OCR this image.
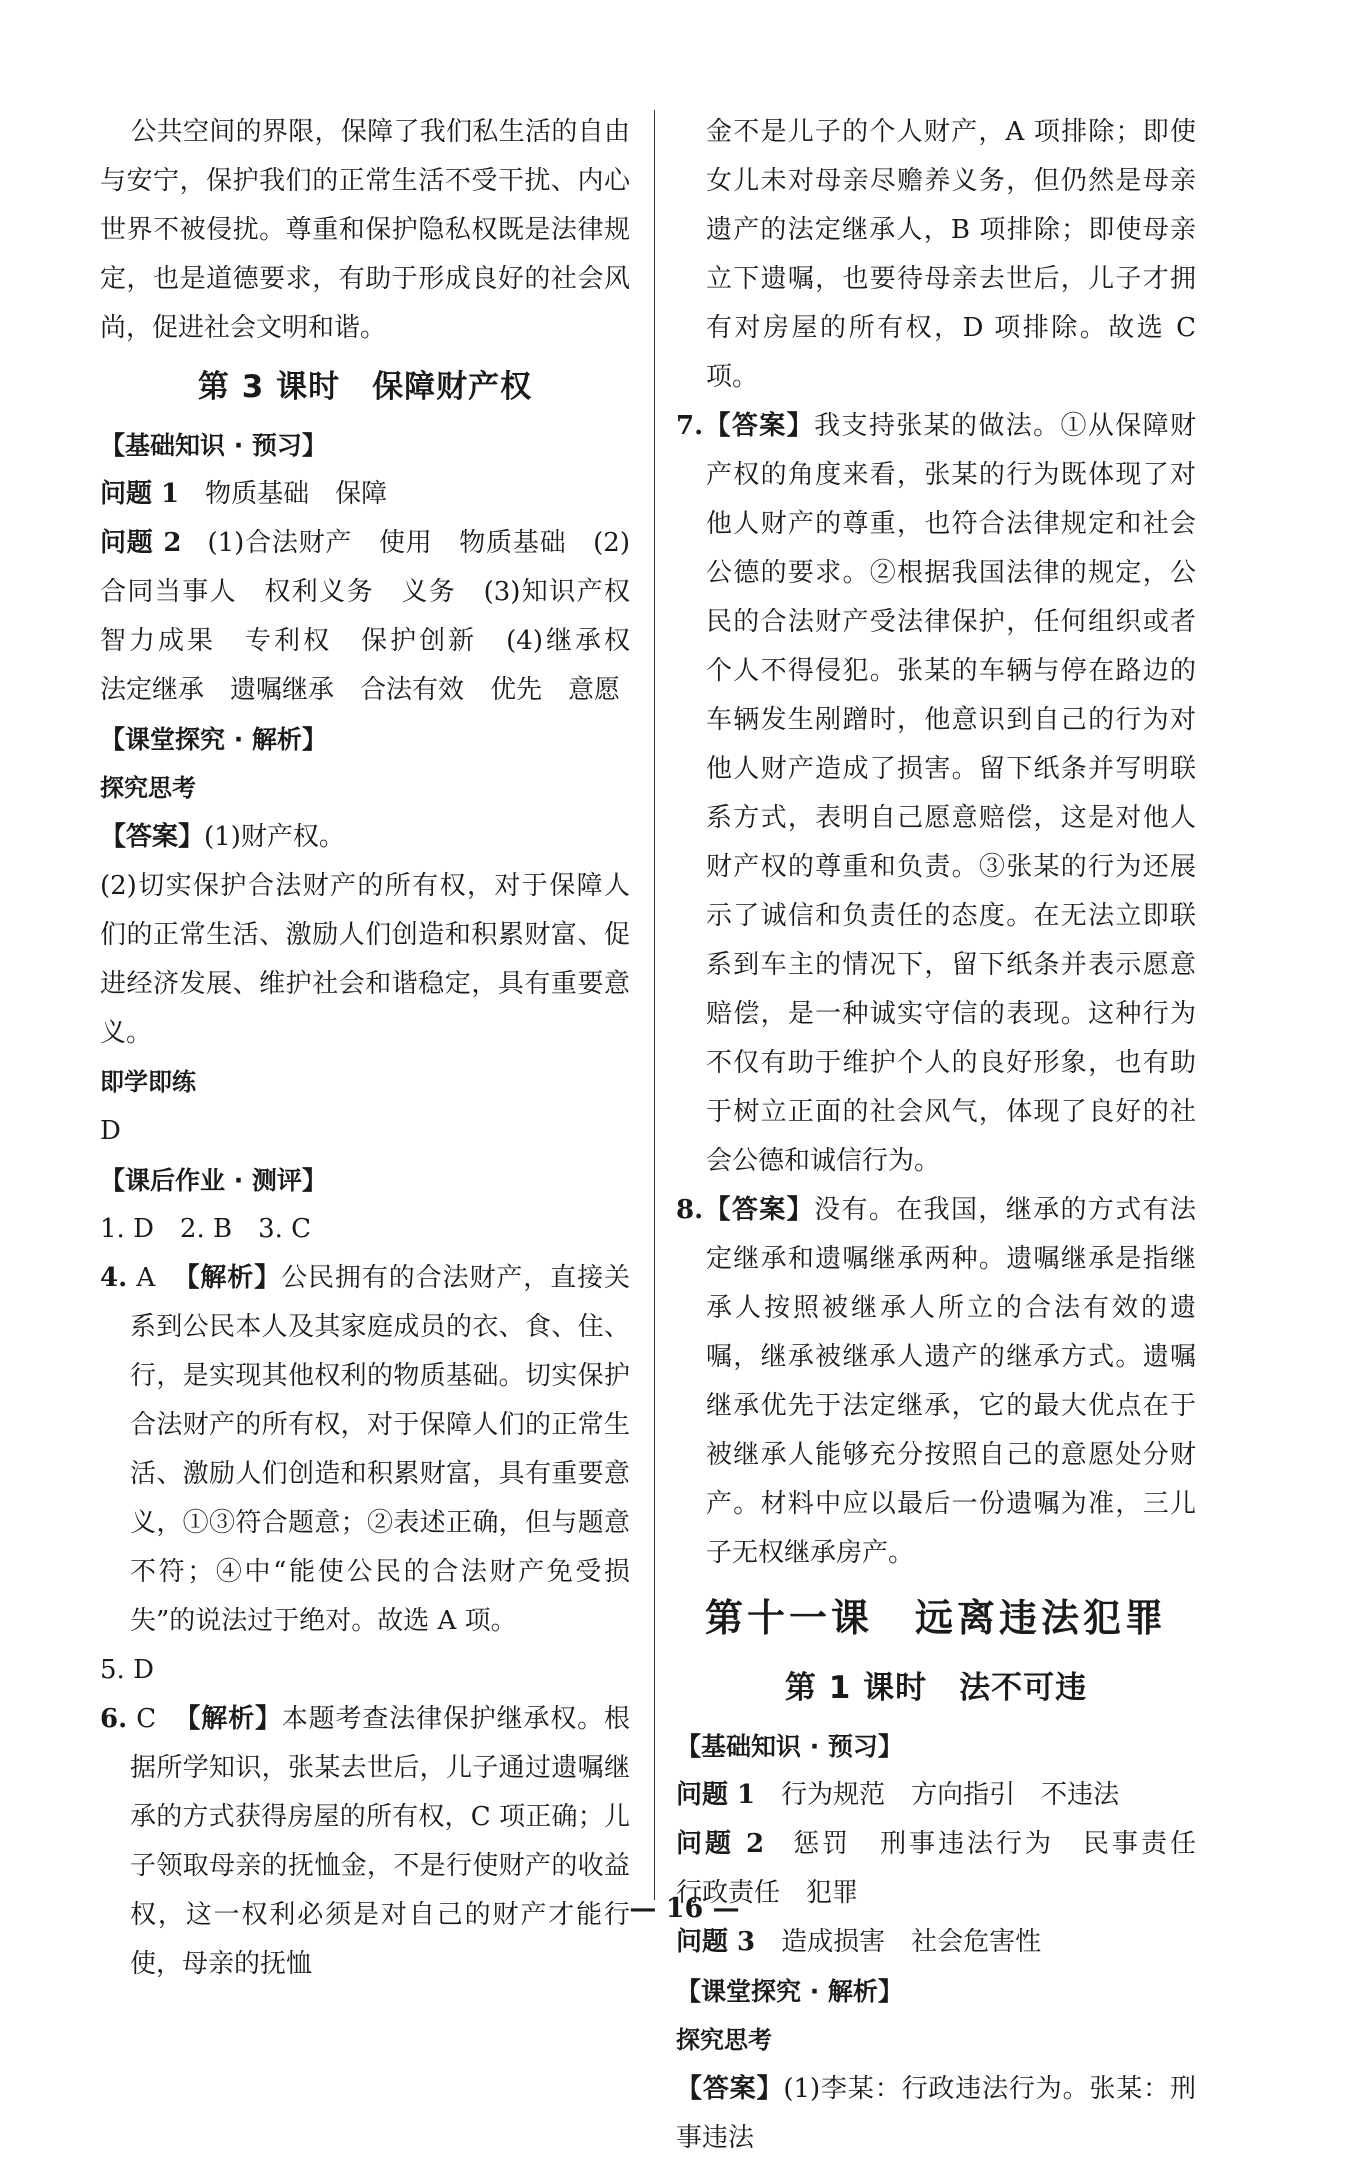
公共空间的界限，保障了我们私生活的自由与安宁，保护我们的正常生活不受干扰、内心世界不被侵扰。尊重和保护隐私权既是法律规定，也是道德要求，有助于形成良好的社会风尚，促进社会文明和谐。

第 3 课时　保障财产权

【基础知识 · 预习】

问题 1 物质基础　保障

问题 2 (1)合法财产　使用　物质基础　(2)合同当事人　权利义务　义务　(3)知识产权　智力成果　专利权　保护创新　(4)继承权　法定继承　遗嘱继承　合法有效　优先　意愿

【课堂探究 · 解析】

探究思考

【答案】(1)财产权。

(2)切实保护合法财产的所有权，对于保障人们的正常生活、激励人们创造和积累财富、促进经济发展、维护社会和谐稳定，具有重要意义。

即学即练

D

【课后作业 · 测评】

1. D　2. B　3. C

4. A 【解析】公民拥有的合法财产，直接关系到公民本人及其家庭成员的衣、食、住、行，是实现其他权利的物质基础。切实保护合法财产的所有权，对于保障人们的正常生活、激励人们创造和积累财富，具有重要意义，①③符合题意；②表述正确，但与题意不符；④中“能使公民的合法财产免受损失”的说法过于绝对。故选 A 项。

5. D

6. C 【解析】本题考查法律保护继承权。根据所学知识，张某去世后，儿子通过遗嘱继承的方式获得房屋的所有权，C 项正确；儿子领取母亲的抚恤金，不是行使财产的收益权，这一权利必须是对自己的财产才能行使，母亲的抚恤

金不是儿子的个人财产，A 项排除；即使女儿未对母亲尽赡养义务，但仍然是母亲遗产的法定继承人，B 项排除；即使母亲立下遗嘱，也要待母亲去世后，儿子才拥有对房屋的所有权，D 项排除。故选 C 项。

7.【答案】我支持张某的做法。①从保障财产权的角度来看，张某的行为既体现了对他人财产的尊重，也符合法律规定和社会公德的要求。②根据我国法律的规定，公民的合法财产受法律保护，任何组织或者个人不得侵犯。张某的车辆与停在路边的车辆发生剐蹭时，他意识到自己的行为对他人财产造成了损害。留下纸条并写明联系方式，表明自己愿意赔偿，这是对他人财产权的尊重和负责。③张某的行为还展示了诚信和负责任的态度。在无法立即联系到车主的情况下，留下纸条并表示愿意赔偿，是一种诚实守信的表现。这种行为不仅有助于维护个人的良好形象，也有助于树立正面的社会风气，体现了良好的社会公德和诚信行为。

8.【答案】没有。在我国，继承的方式有法定继承和遗嘱继承两种。遗嘱继承是指继承人按照被继承人所立的合法有效的遗嘱，继承被继承人遗产的继承方式。遗嘱继承优先于法定继承，它的最大优点在于被继承人能够充分按照自己的意愿处分财产。材料中应以最后一份遗嘱为准，三儿子无权继承房产。

第十一课　远离违法犯罪
第 1 课时　法不可违

【基础知识 · 预习】

问题 1 行为规范　方向指引　不违法

问题 2 惩罚　刑事违法行为　民事责任　行政责任　犯罪

问题 3 造成损害　社会危害性

【课堂探究 · 解析】

探究思考

【答案】(1)李某：行政违法行为。张某：刑事违法

— 16 —
